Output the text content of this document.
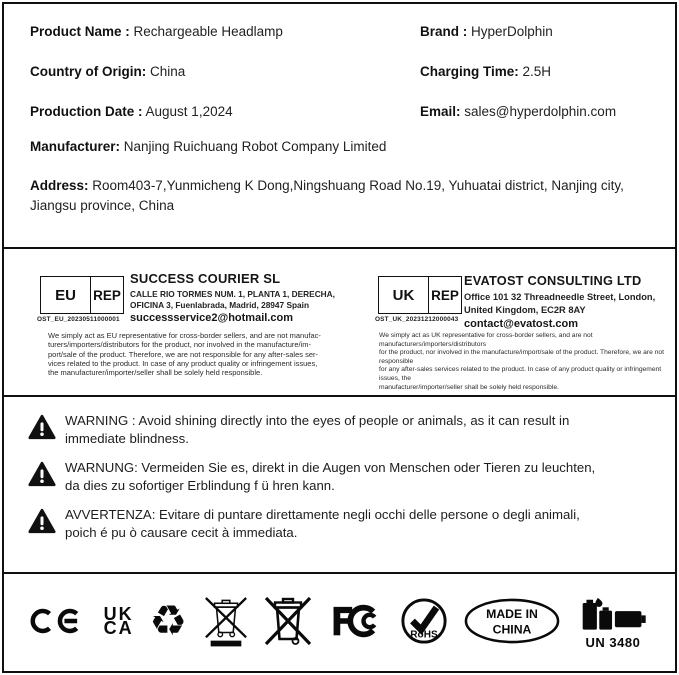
Product Name : Rechargeable Headlamp	Brand : HyperDolphin
Country of Origin: China	Charging Time: 2.5H
Production Date : August 1,2024	Email: sales@hyperdolphin.com
Manufacturer: Nanjing Ruichuang Robot Company Limited
Address: Room403-7,Yunmicheng K Dong,Ningshuang Road No.19, Yuhuatai district, Nanjing city, Jiangsu province, China
EU	REP
OST_EU_20230511000001
SUCCESS COURIER SL
CALLE RIO TORMES NUM. 1, PLANTA 1, DERECHA,
OFICINA 3, Fuenlabrada, Madrid, 28947 Spain
successservice2@hotmail.com
We simply act as EU representative for cross-border sellers, and are not manufac-
turers/importers/distributors for the product, nor involved in the manufacture/im-
port/sale of the product. Therefore, we are not responsible for any after-sales ser-
vices related to the product. In case of any product quality or infringement issues,
the manufacturer/importer/seller shall be solely held responsible.
UK	REP
OST_UK_20231212000043
EVATOST CONSULTING LTD
Office 101 32 Threadneedle Street, London,
United Kingdom, EC2R 8AY
contact@evatost.com
We simply act as UK representative for cross-border sellers, and are not manufacturers/importers/distributors
for the product, nor involved in the manufacture/import/sale of the product. Therefore, we are not responsible
for any after-sales services related to the product. In case of any product quality or infringement issues, the
manufacturer/importer/seller shall be solely held responsible.
WARNING : Avoid shining directly into the eyes of people or animals, as it can result in
immediate blindness.
WARNUNG: Vermeiden Sie es, direkt in die Augen von Menschen oder Tieren zu leuchten,
da dies zu sofortiger Erblindung f ü hren kann.
AVVERTENZA: Evitare di puntare direttamente negli occhi delle persone o degli animali,
poich é pu ò causare cecit à immediata.
UK
CA ♻	RoHS
MADE IN
CHINA
UN 3480
